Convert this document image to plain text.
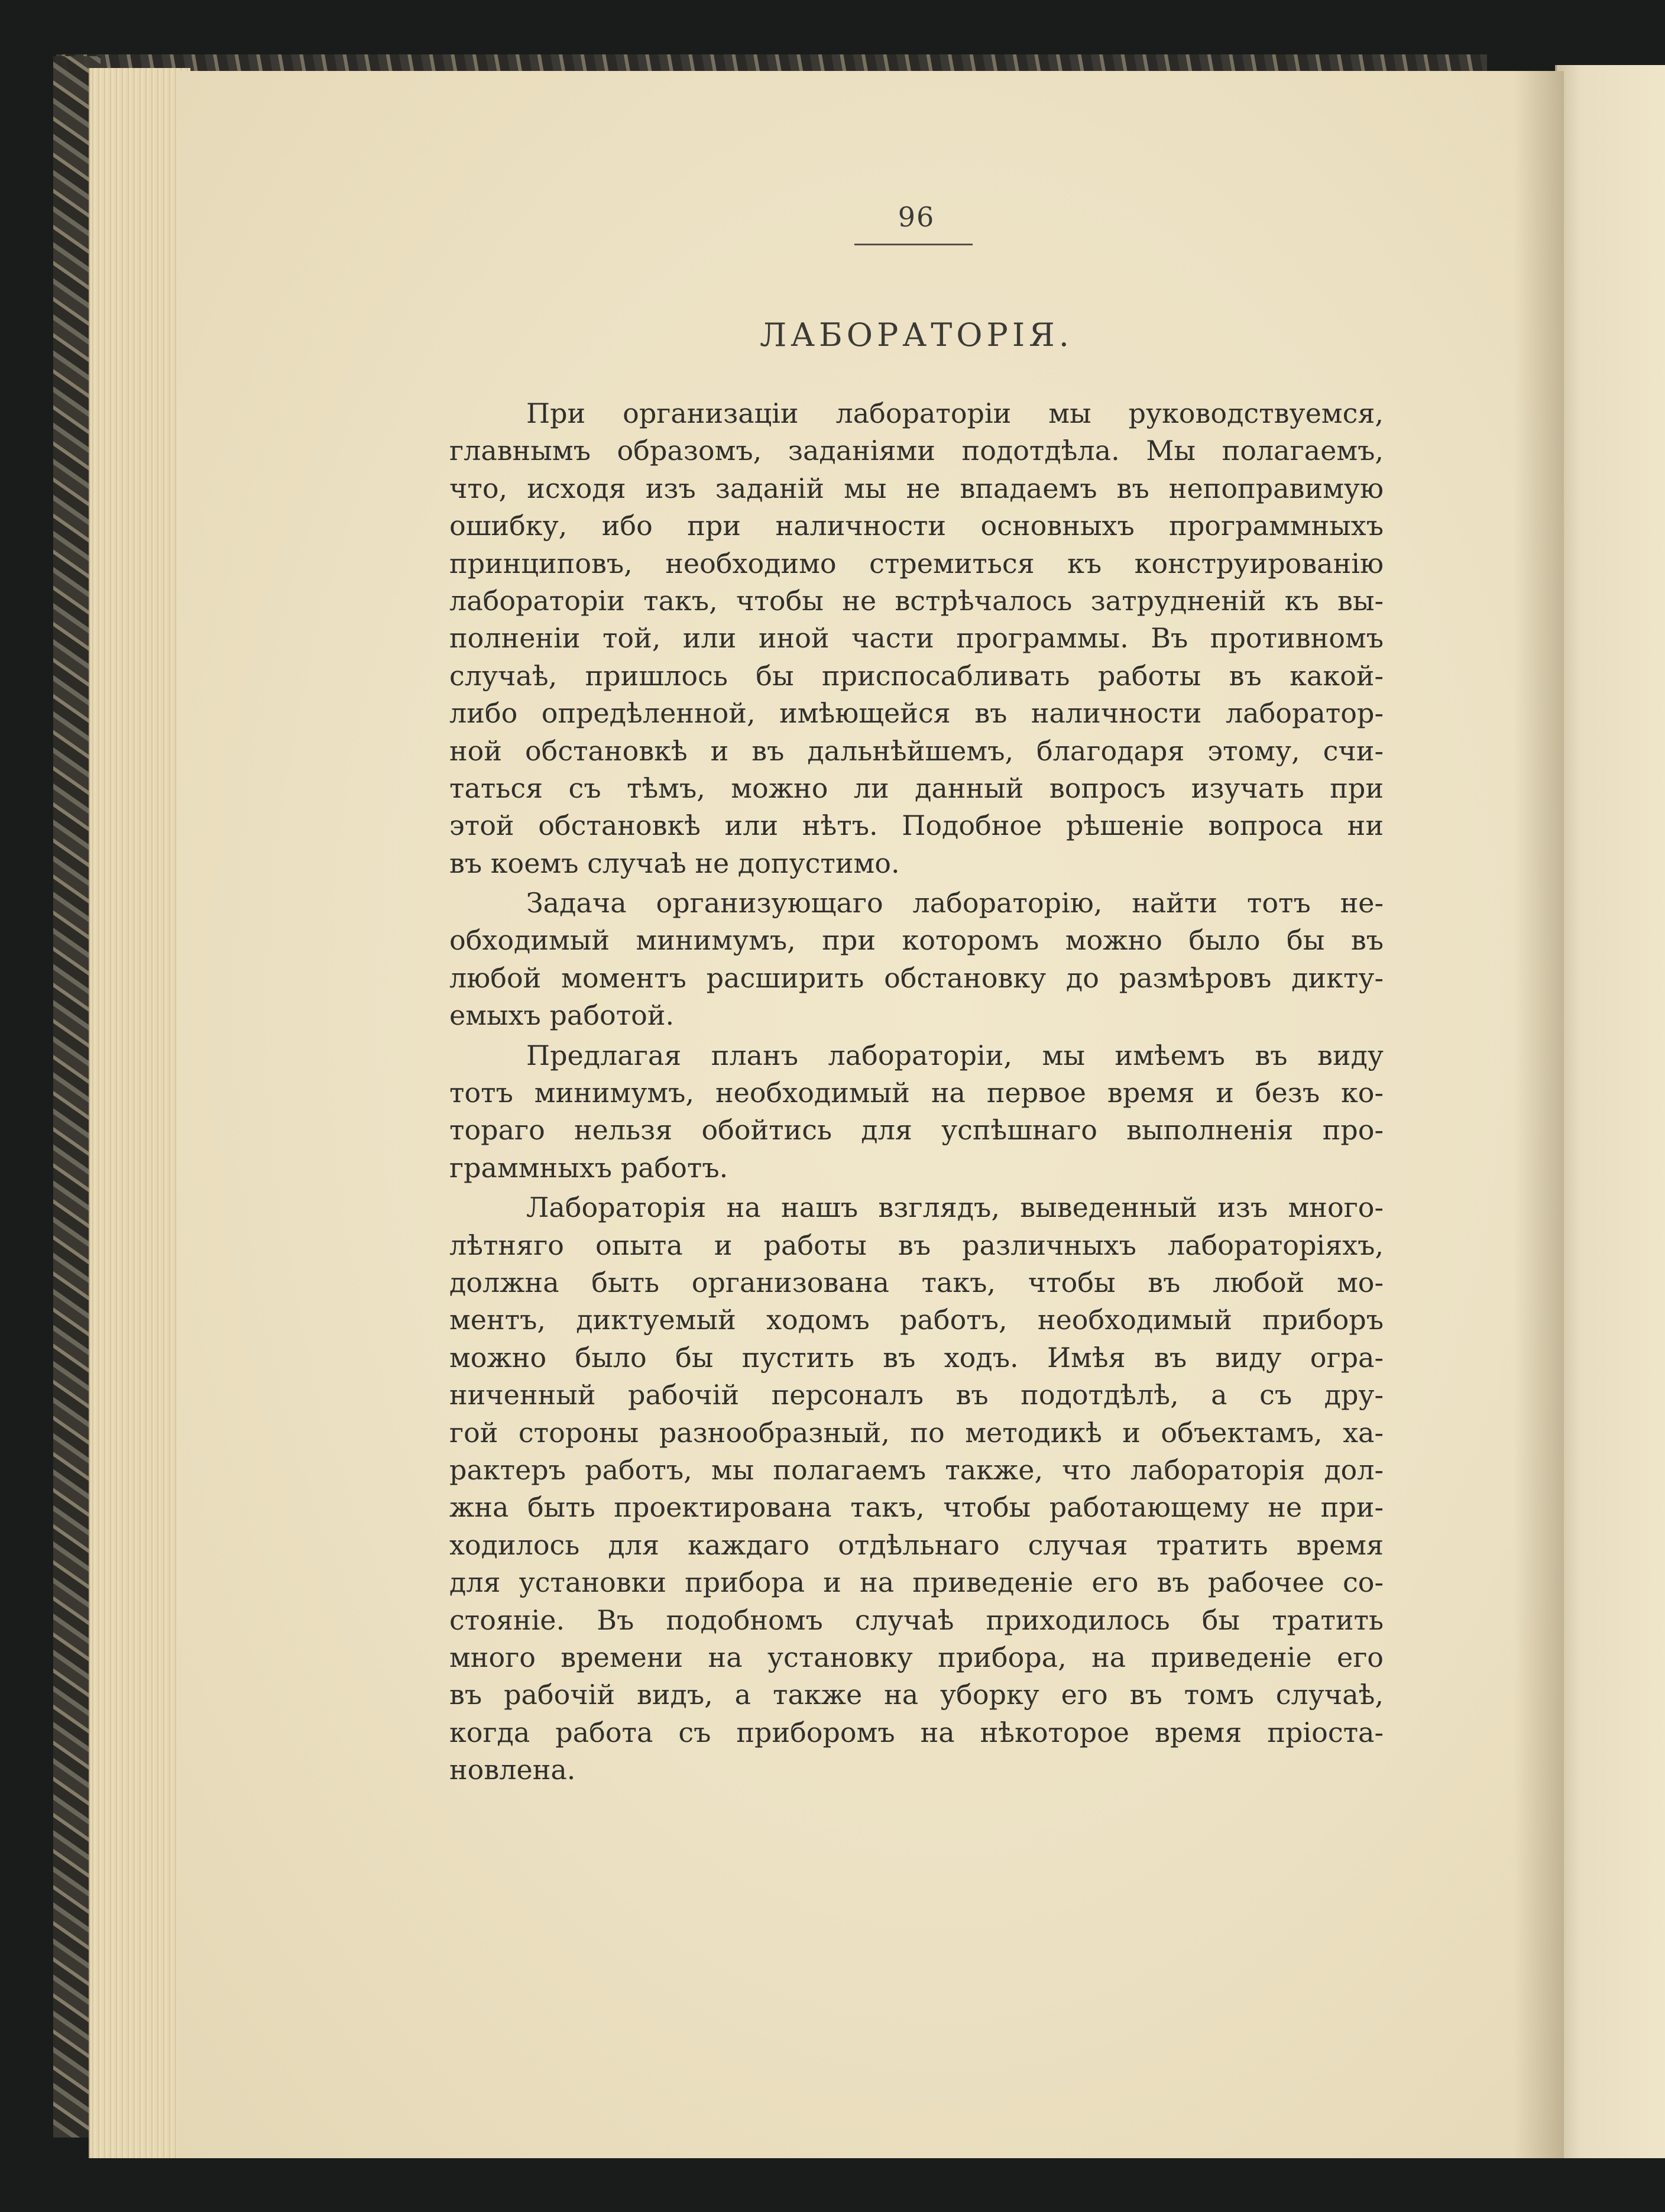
96
ЛАБОРАТОРІЯ.
При организаціи лабораторіи мы руководствуемся,
главнымъ образомъ, заданіями подотдѣла. Мы полагаемъ,
что, исходя изъ заданій мы не впадаемъ въ непоправимую
ошибку, ибо при наличности основныхъ программныхъ
принциповъ, необходимо стремиться къ конструированію
лабораторіи такъ, чтобы не встрѣчалось затрудненій къ вы-
полненіи той, или иной части программы. Въ противномъ
случаѣ, пришлось бы приспосабливать работы въ какой-
либо опредѣленной, имѣющейся въ наличности лаборатор-
ной обстановкѣ и въ дальнѣйшемъ, благодаря этому, счи-
таться съ тѣмъ, можно ли данный вопросъ изучать при
этой обстановкѣ или нѣтъ. Подобное рѣшеніе вопроса ни
въ коемъ случаѣ не допустимо.
Задача организующаго лабораторію, найти тотъ не-
обходимый минимумъ, при которомъ можно было бы въ
любой моментъ расширить обстановку до размѣровъ дикту-
емыхъ работой.
Предлагая планъ лабораторіи, мы имѣемъ въ виду
тотъ минимумъ, необходимый на первое время и безъ ко-
тораго нельзя обойтись для успѣшнаго выполненія про-
граммныхъ работъ.
Лабораторія на нашъ взглядъ, выведенный изъ много-
лѣтняго опыта и работы въ различныхъ лабораторіяхъ,
должна быть организована такъ, чтобы въ любой мо-
ментъ, диктуемый ходомъ работъ, необходимый приборъ
можно было бы пустить въ ходъ. Имѣя въ виду огра-
ниченный рабочій персоналъ въ подотдѣлѣ, а съ дру-
гой стороны разнообразный, по методикѣ и объектамъ, ха-
рактеръ работъ, мы полагаемъ также, что лабораторія дол-
жна быть проектирована такъ, чтобы работающему не при-
ходилось для каждаго отдѣльнаго случая тратить время
для установки прибора и на приведеніе его въ рабочее со-
стояніе. Въ подобномъ случаѣ приходилось бы тратить
много времени на установку прибора, на приведеніе его
въ рабочій видъ, а также на уборку его въ томъ случаѣ,
когда работа съ приборомъ на нѣкоторое время пріоста-
новлена.
